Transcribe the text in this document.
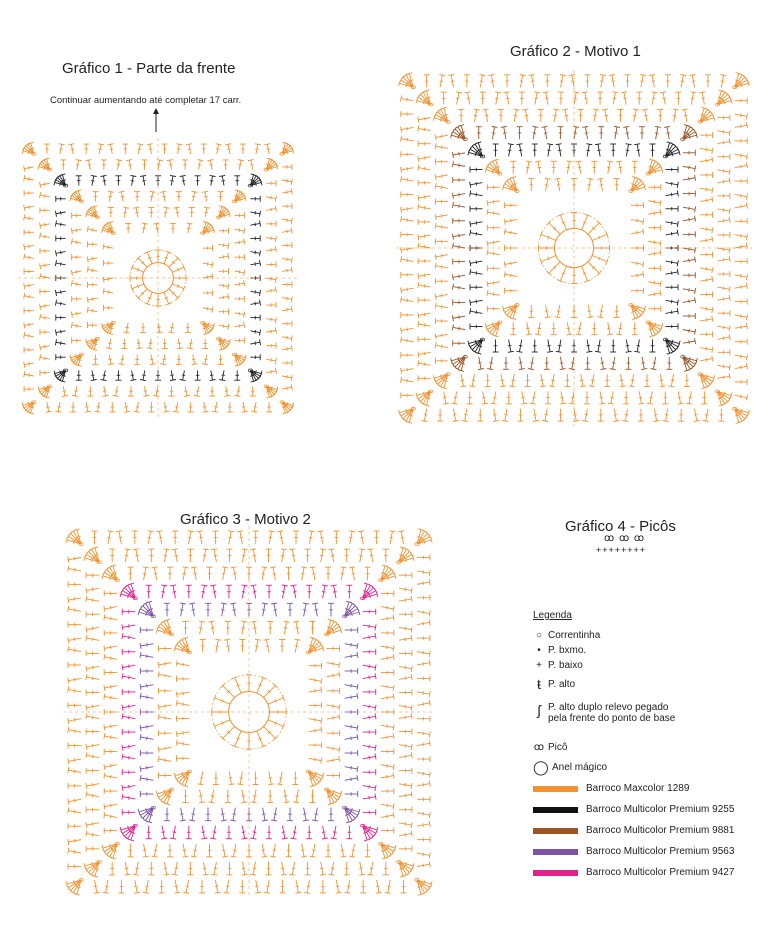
Gráfico 1 - Parte da frente
Continuar aumentando até completar 17 carr.
Gráfico 2 - Motivo 1
Gráfico 3 - Motivo 2	Gráfico 4 - Picôs
ꝏ ꝏ ꝏ
++++++++
Legenda
○ Correntinha
• P. bxmo.
+ P. baixo
ŧ P. alto
ʃ P. alto duplo relevo pegado
pela frente do ponto de base
ꝏ Picô
◯ Anel mágico
Barroco Maxcolor 1289
Barroco Multicolor Premium 9255
Barroco Multicolor Premium 9881
Barroco Multicolor Premium 9563
Barroco Multicolor Premium 9427
